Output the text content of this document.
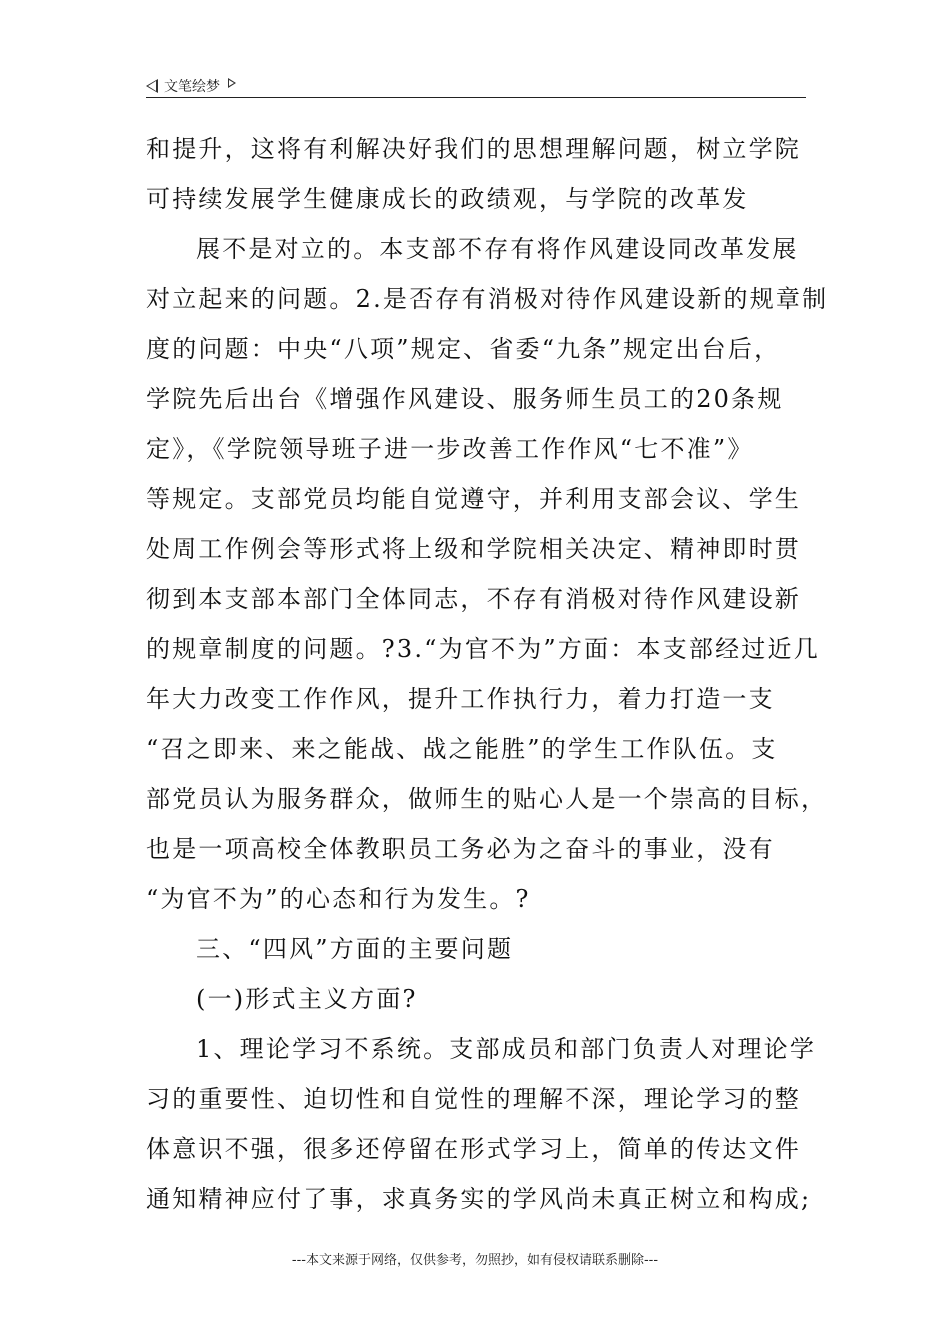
文笔绘梦
和提升，这将有利解决好我们的思想理解问题，树立学院
可持续发展学生健康成长的政绩观，与学院的改革发
展不是对立的。本支部不存有将作风建设同改革发展
对立起来的问题。2.是否存有消极对待作风建设新的规章制
度的问题：中央“八项”规定、省委“九条”规定出台后，
学院先后出台《增强作风建设、服务师生员工的20条规
定》，《学院领导班子进一步改善工作作风“七不准”》
等规定。支部党员均能自觉遵守，并利用支部会议、学生
处周工作例会等形式将上级和学院相关决定、精神即时贯
彻到本支部本部门全体同志，不存有消极对待作风建设新
的规章制度的问题。?3.“为官不为”方面：本支部经过近几
年大力改变工作作风，提升工作执行力，着力打造一支
“召之即来、来之能战、战之能胜”的学生工作队伍。支
部党员认为服务群众，做师生的贴心人是一个崇高的目标，
也是一项高校全体教职员工务必为之奋斗的事业，没有
“为官不为”的心态和行为发生。?
三、“四风”方面的主要问题
(一)形式主义方面?
1、理论学习不系统。支部成员和部门负责人对理论学
习的重要性、迫切性和自觉性的理解不深，理论学习的整
体意识不强，很多还停留在形式学习上，简单的传达文件
通知精神应付了事，求真务实的学风尚未真正树立和构成;
---本文来源于网络，仅供参考，勿照抄，如有侵权请联系删除---
